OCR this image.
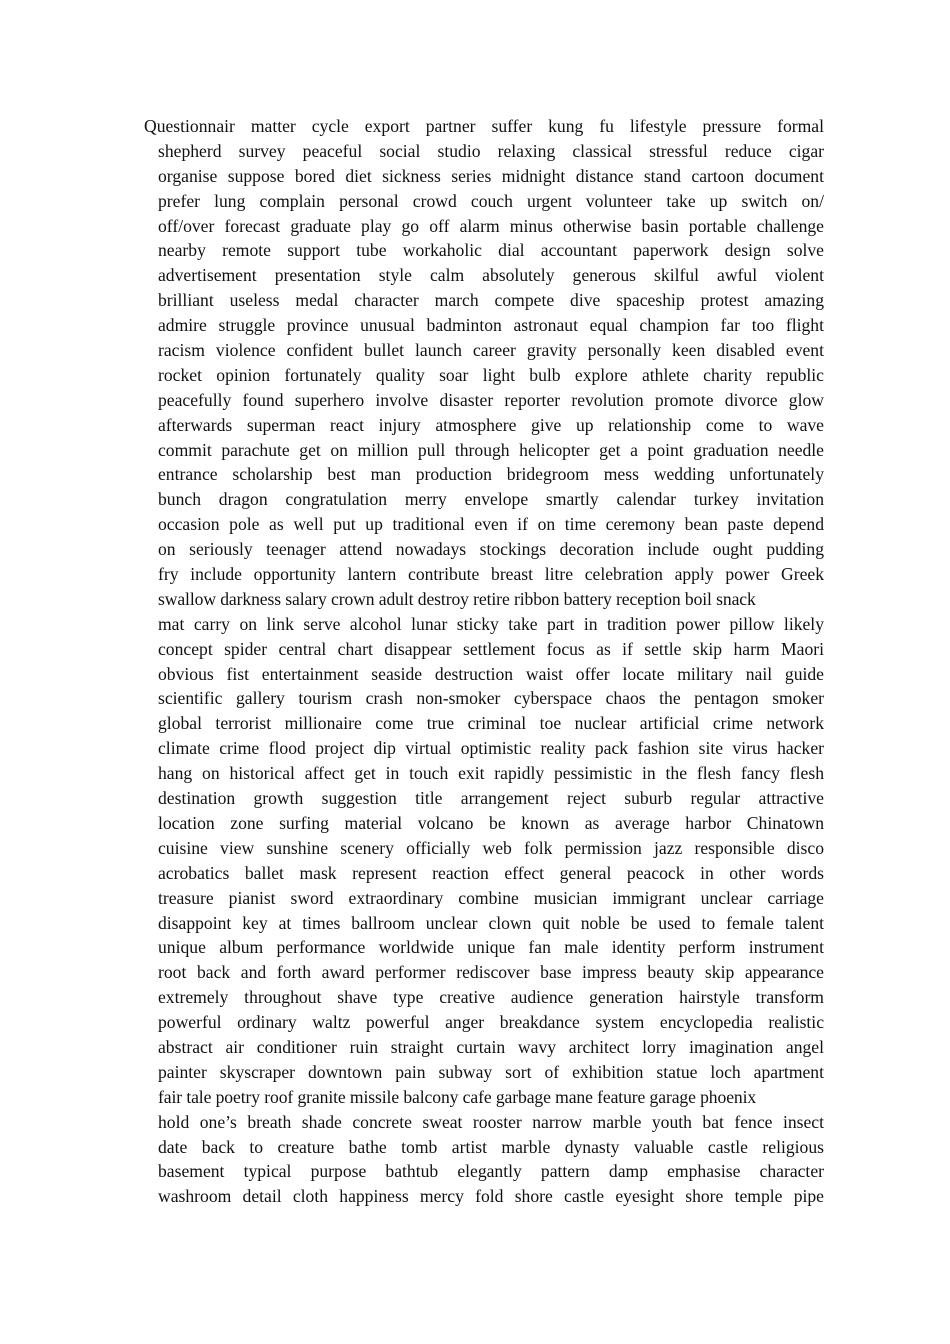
Questionnair matter cycle export partner suffer kung fu lifestyle pressure formal
shepherd survey peaceful social studio relaxing classical stressful reduce cigar
organise suppose bored diet sickness series midnight distance stand cartoon document
prefer lung complain personal crowd couch urgent volunteer take up switch on/
off/over forecast graduate play go off alarm minus otherwise basin portable challenge
nearby remote support tube workaholic dial accountant paperwork design solve
advertisement presentation style calm absolutely generous skilful awful violent
brilliant useless medal character march compete dive spaceship protest amazing
admire struggle province unusual badminton astronaut equal champion far too flight
racism violence confident bullet launch career gravity personally keen disabled event
rocket opinion fortunately quality soar light bulb explore athlete charity republic
peacefully found superhero involve disaster reporter revolution promote divorce glow
afterwards superman react injury atmosphere give up relationship come to wave
commit parachute get on million pull through helicopter get a point graduation needle
entrance scholarship best man production bridegroom mess wedding unfortunately
bunch dragon congratulation merry envelope smartly calendar turkey invitation
occasion pole as well put up traditional even if on time ceremony bean paste depend
on seriously teenager attend nowadays stockings decoration include ought pudding
fry include opportunity lantern contribute breast litre celebration apply power Greek
swallow darkness salary crown adult destroy retire ribbon battery reception boil snack
mat carry on link serve alcohol lunar sticky take part in tradition power pillow likely
concept spider central chart disappear settlement focus as if settle skip harm Maori
obvious fist entertainment seaside destruction waist offer locate military nail guide
scientific gallery tourism crash non-smoker cyberspace chaos the pentagon smoker
global terrorist millionaire come true criminal toe nuclear artificial crime network
climate crime flood project dip virtual optimistic reality pack fashion site virus hacker
hang on historical affect get in touch exit rapidly pessimistic in the flesh fancy flesh
destination growth suggestion title arrangement reject suburb regular attractive
location zone surfing material volcano be known as average harbor Chinatown
cuisine view sunshine scenery officially web folk permission jazz responsible disco
acrobatics ballet mask represent reaction effect general peacock in other words
treasure pianist sword extraordinary combine musician immigrant unclear carriage
disappoint key at times ballroom unclear clown quit noble be used to female talent
unique album performance worldwide unique fan male identity perform instrument
root back and forth award performer rediscover base impress beauty skip appearance
extremely throughout shave type creative audience generation hairstyle transform
powerful ordinary waltz powerful anger breakdance system encyclopedia realistic
abstract air conditioner ruin straight curtain wavy architect lorry imagination angel
painter skyscraper downtown pain subway sort of exhibition statue loch apartment
fair tale poetry roof granite missile balcony cafe garbage mane feature garage phoenix
hold one’s breath shade concrete sweat rooster narrow marble youth bat fence insect
date back to creature bathe tomb artist marble dynasty valuable castle religious
basement typical purpose bathtub elegantly pattern damp emphasise character
washroom detail cloth happiness mercy fold shore castle eyesight shore temple pipe
